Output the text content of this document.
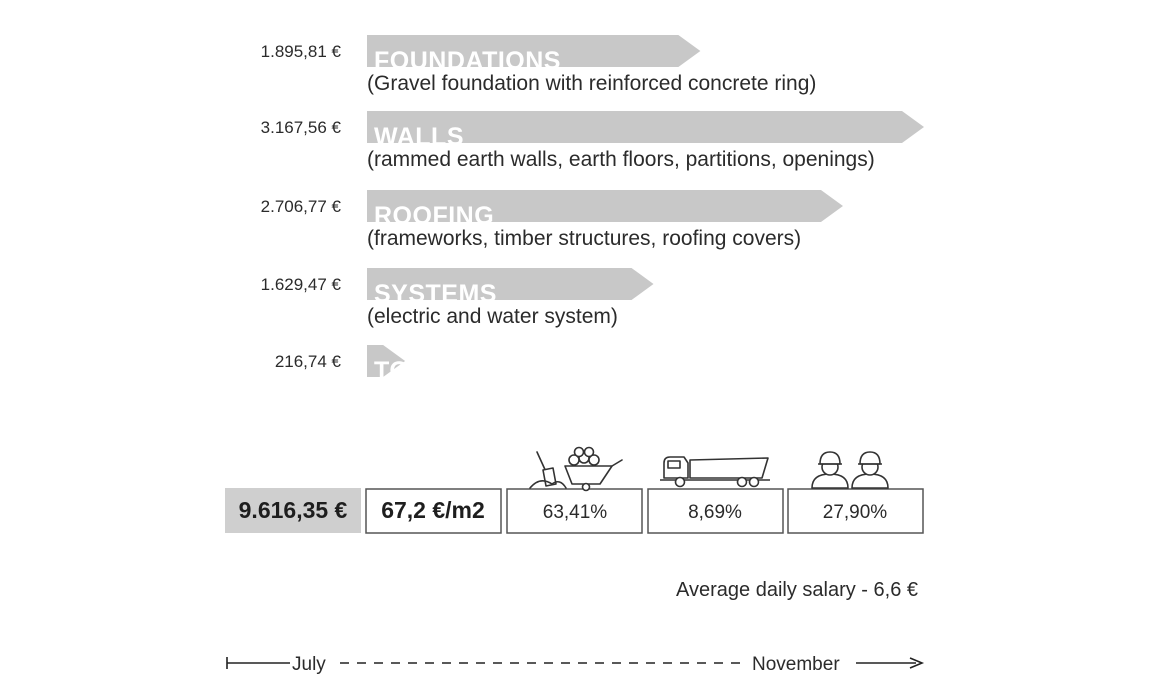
1.895,81 € FOUNDATIONS
(Gravel foundation with reinforced concrete ring)
3.167,56 € WALLS
(rammed earth walls, earth floors, partitions, openings)
2.706,77 € ROOFING
(frameworks, timber structures, roofing covers)
1.629,47 € SYSTEMS
(electric and water system)
216,74 € TOOLS
9.616,35 € 67,2 €/m2	63,41%	8,69%	27,90%
Average daily salary - 6,6 €
July	November
